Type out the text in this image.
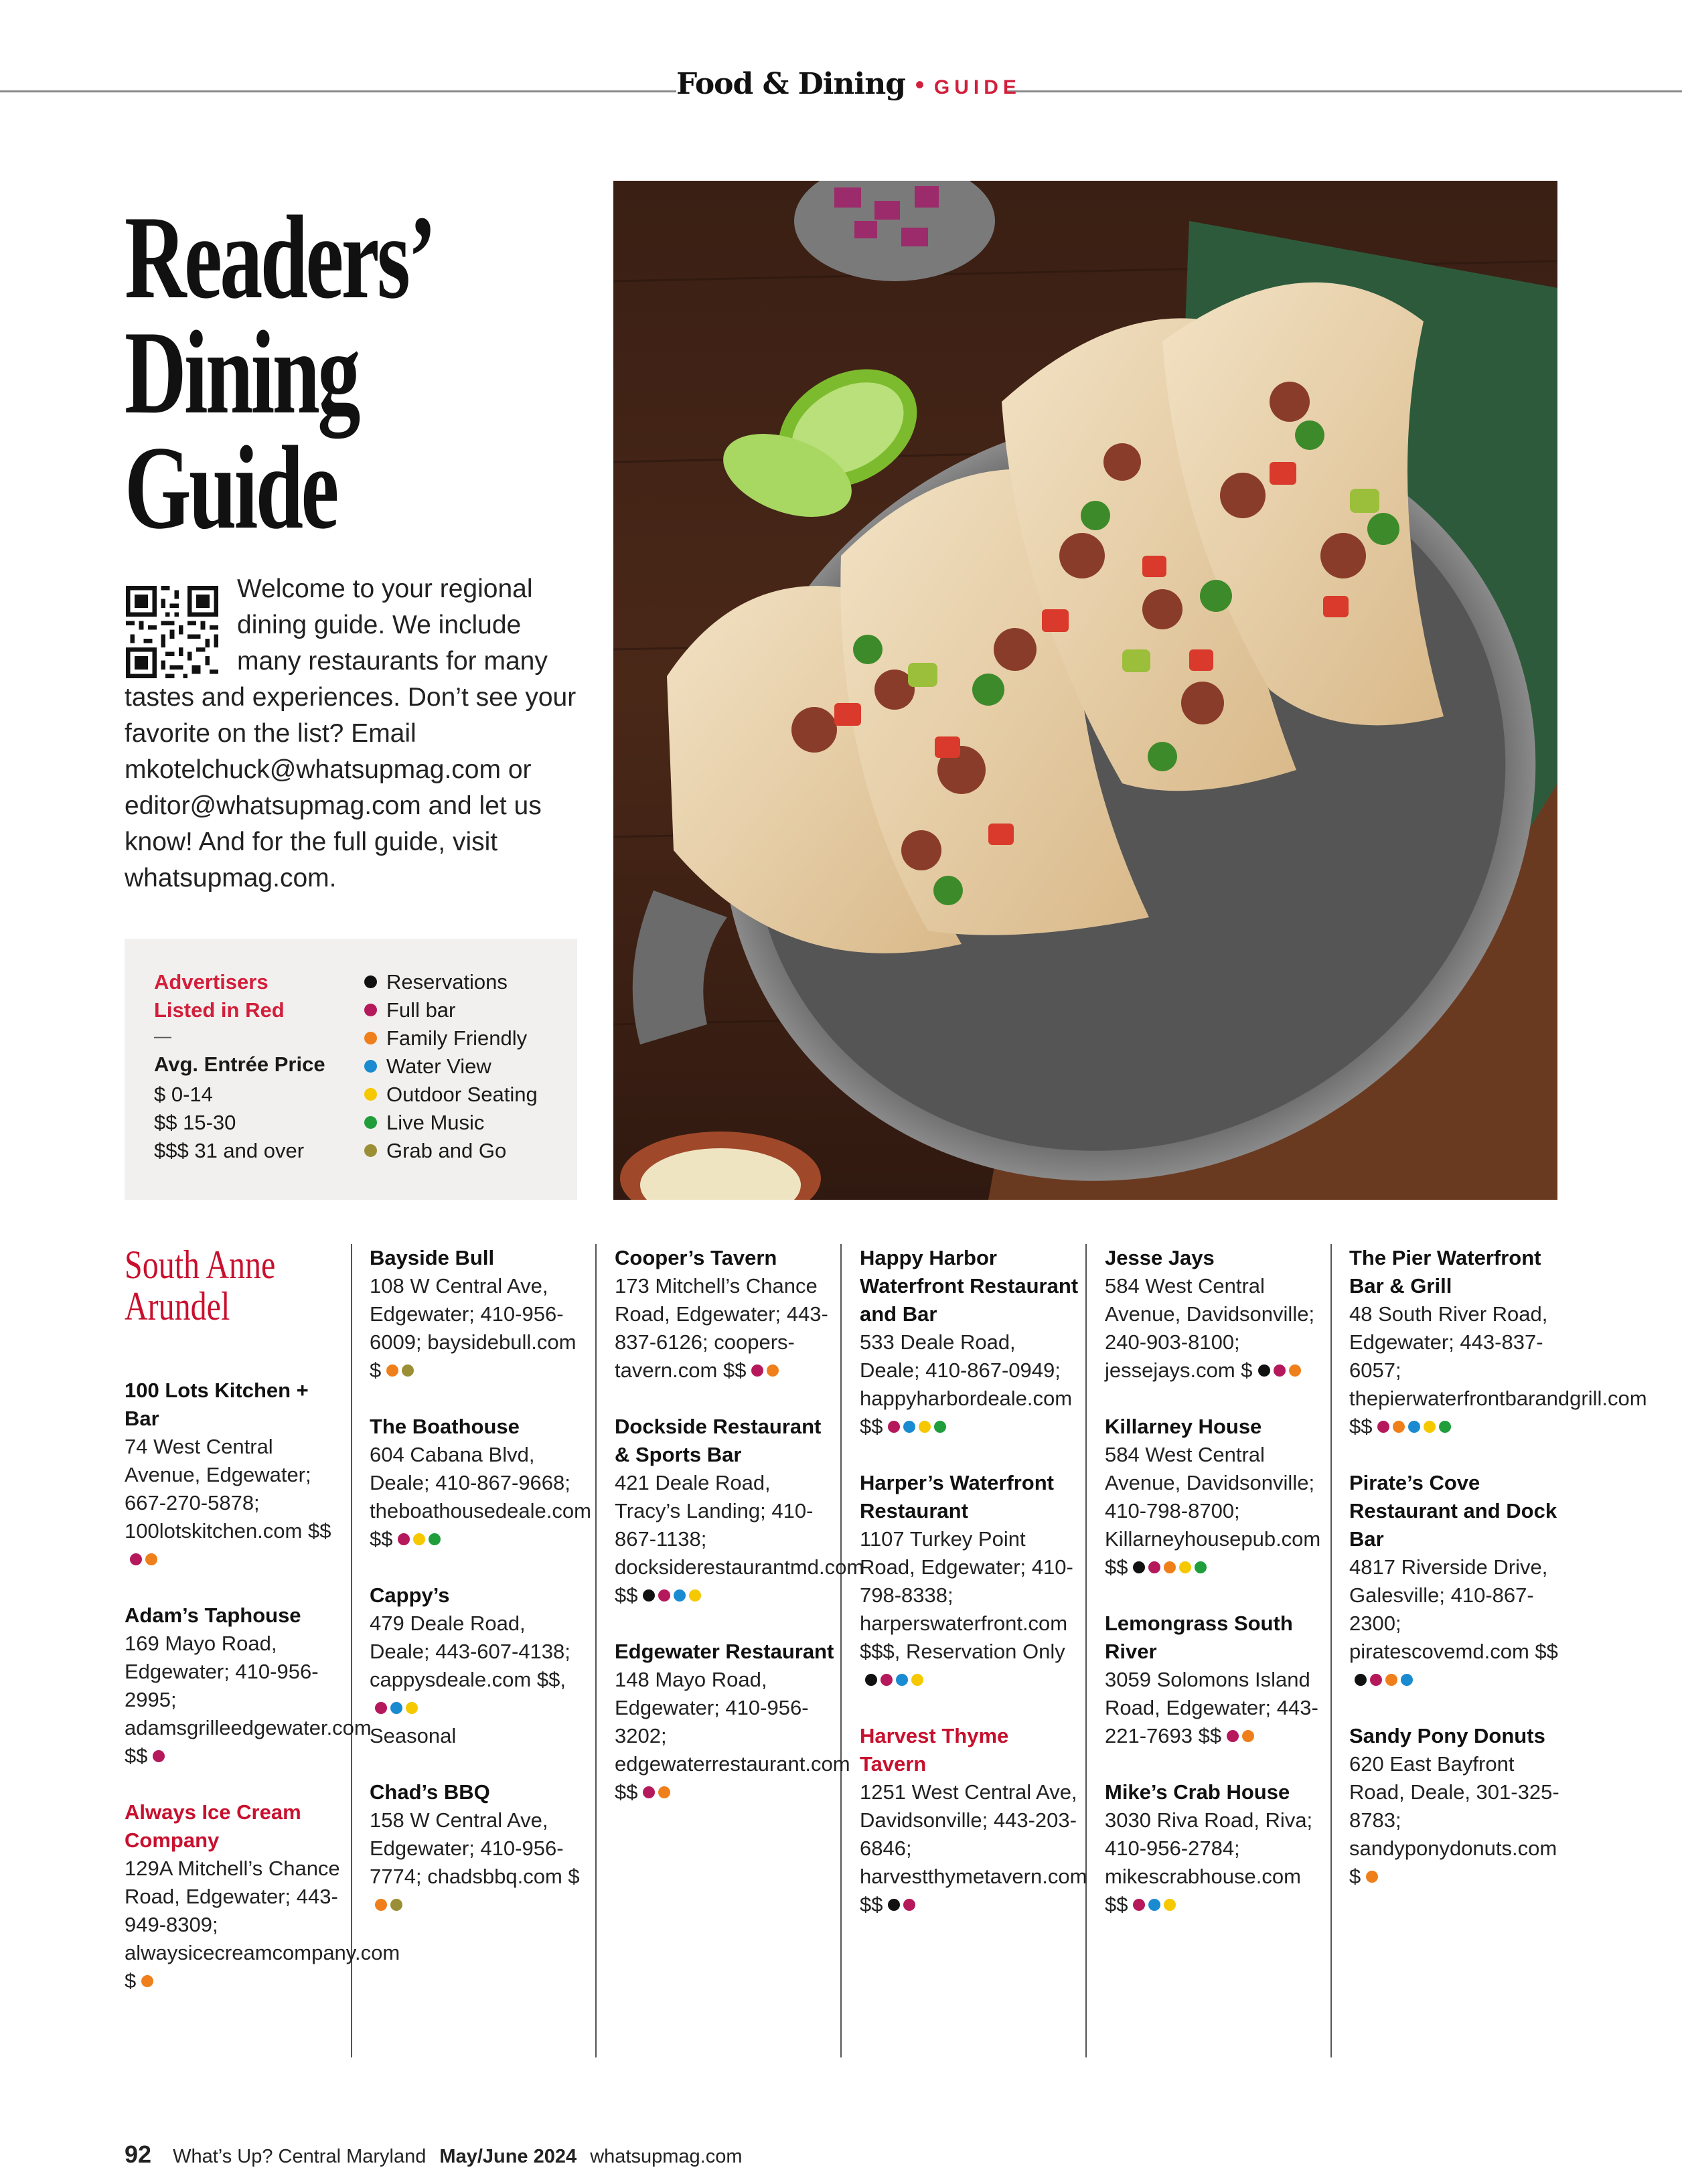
Food & Dining • GUIDE
Readers’ Dining Guide

Welcome to your regional dining guide. We include many restaurants for many tastes and experiences. Don’t see your favorite on the list? Email mkotelchuck@whatsupmag.com or editor@whatsupmag.com and let us know! And for the full guide, visit whatsupmag.com.

Advertisers Listed in Red
—
Avg. Entrée Price
$ 0-14
$$ 15-30
$$$ 31 and over
Reservations
Full bar
Family Friendly
Water View
Outdoor Seating
Live Music
Grab and Go
South Anne Arundel
100 Lots Kitchen + Bar
74 West Central Avenue, Edgewater; 667-270-5878; 100lotskitchen.com $$
Adam’s Taphouse
169 Mayo Road, Edgewater; 410-956-2995; adamsgrilleedgewater.com $$
Always Ice Cream Company
129A Mitchell’s Chance Road, Edgewater; 443-949-8309; alwaysicecreamcompany.com $
Bayside Bull
108 W Central Ave, Edgewater; 410-956-6009; baysidebull.com $
The Boathouse
604 Cabana Blvd, Deale; 410-867-9668; theboathousedeale.com $$
Cappy’s
479 Deale Road, Deale; 443-607-4138; cappysdeale.com $$,
Seasonal
Chad’s BBQ
158 W Central Ave, Edgewater; 410-956-7774; chadsbbq.com $
Cooper’s Tavern
173 Mitchell’s Chance Road, Edgewater; 443-837-6126; coopers-tavern.com $$
Dockside Restaurant & Sports Bar
421 Deale Road, Tracy’s Landing; 410-867-1138; docksiderestaurantmd.com $$
Edgewater Restaurant
148 Mayo Road, Edgewater; 410-956-3202; edgewaterrestaurant.com $$
Happy Harbor Waterfront Restaurant and Bar
533 Deale Road, Deale; 410-867-0949; happyharbordeale.com $$
Harper’s Waterfront Restaurant
1107 Turkey Point Road, Edgewater; 410-798-8338; harperswaterfront.com $$$, Reservation Only
Harvest Thyme Tavern
1251 West Central Ave, Davidsonville; 443-203-6846; harvestthymetavern.com $$
Jesse Jays
584 West Central Avenue, Davidsonville; 240-903-8100; jessejays.com $
Killarney House
584 West Central Avenue, Davidsonville; 410-798-8700; Killarneyhousepub.com $$
Lemongrass South River
3059 Solomons Island Road, Edgewater; 443-221-7693 $$
Mike’s Crab House
3030 Riva Road, Riva; 410-956-2784; mikescrabhouse.com $$
The Pier Waterfront Bar & Grill
48 South River Road, Edgewater; 443-837-6057; thepierwaterfrontbarandgrill.com $$
Pirate’s Cove Restaurant and Dock Bar
4817 Riverside Drive, Galesville; 410-867-2300; piratescovemd.com $$
Sandy Pony Donuts
620 East Bayfront Road, Deale, 301-325-8783; sandyponydonuts.com $
92 What’s Up? Central Maryland May/June 2024 whatsupmag.com
